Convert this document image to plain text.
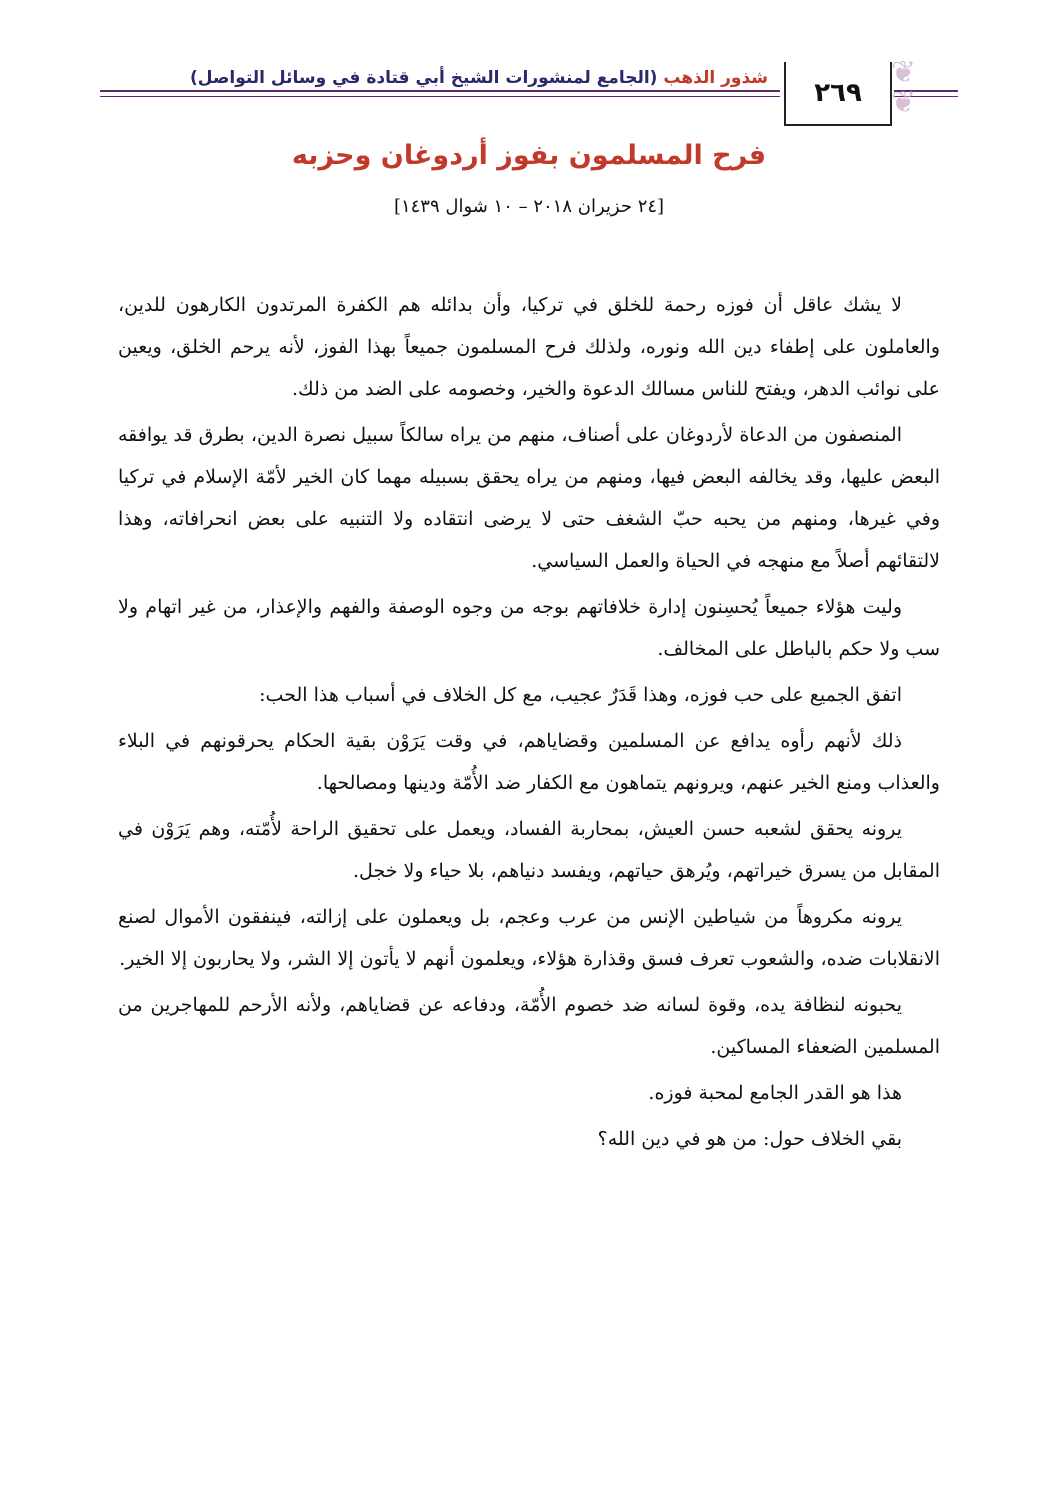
شذور الذهب (الجامع لمنشورات الشيخ أبي قتادة في وسائل التواصل)	٢٦٩
❦
❦
فرح المسلمون بفوز أردوغان وحزبه
[٢٤ حزيران ٢٠١٨ – ١٠ شوال ١٤٣٩]

لا يشك عاقل أن فوزه رحمة للخلق في تركيا، وأن بدائله هم الكفرة المرتدون الكارهون للدين، والعاملون على إطفاء دين الله ونوره، ولذلك فرح المسلمون جميعاً بهذا الفوز، لأنه يرحم الخلق، ويعين على نوائب الدهر، ويفتح للناس مسالك الدعوة والخير، وخصومه على الضد من ذلك.

المنصفون من الدعاة لأردوغان على أصناف، منهم من يراه سالكاً سبيل نصرة الدين، بطرق قد يوافقه البعض عليها، وقد يخالفه البعض فيها، ومنهم من يراه يحقق بسبيله مهما كان الخير لأمّة الإسلام في تركيا وفي غيرها، ومنهم من يحبه حبّ الشغف حتى لا يرضى انتقاده ولا التنبيه على بعض انحرافاته، وهذا لالتقائهم أصلاً مع منهجه في الحياة والعمل السياسي.

وليت هؤلاء جميعاً يُحسِنون إدارة خلافاتهم بوجه من وجوه الوصفة والفهم والإعذار، من غير اتهام ولا سب ولا حكم بالباطل على المخالف.

اتفق الجميع على حب فوزه، وهذا قَدَرٌ عجيب، مع كل الخلاف في أسباب هذا الحب:

ذلك لأنهم رأوه يدافع عن المسلمين وقضاياهم، في وقت يَرَوْن بقية الحكام يحرقونهم في البلاء والعذاب ومنع الخير عنهم، ويرونهم يتماهون مع الكفار ضد الأُمّة ودينها ومصالحها.

يرونه يحقق لشعبه حسن العيش، بمحاربة الفساد، ويعمل على تحقيق الراحة لأُمّته، وهم يَرَوْن في المقابل من يسرق خيراتهم، ويُرهق حياتهم، ويفسد دنياهم، بلا حياء ولا خجل.

يرونه مكروهاً من شياطين الإنس من عرب وعجم، بل ويعملون على إزالته، فينفقون الأموال لصنع الانقلابات ضده، والشعوب تعرف فسق وقذارة هؤلاء، ويعلمون أنهم لا يأتون إلا الشر، ولا يحاربون إلا الخير.

يحبونه لنظافة يده، وقوة لسانه ضد خصوم الأُمّة، ودفاعه عن قضاياهم، ولأنه الأرحم للمهاجرين من المسلمين الضعفاء المساكين.

هذا هو القدر الجامع لمحبة فوزه.

بقي الخلاف حول: من هو في دين الله؟
